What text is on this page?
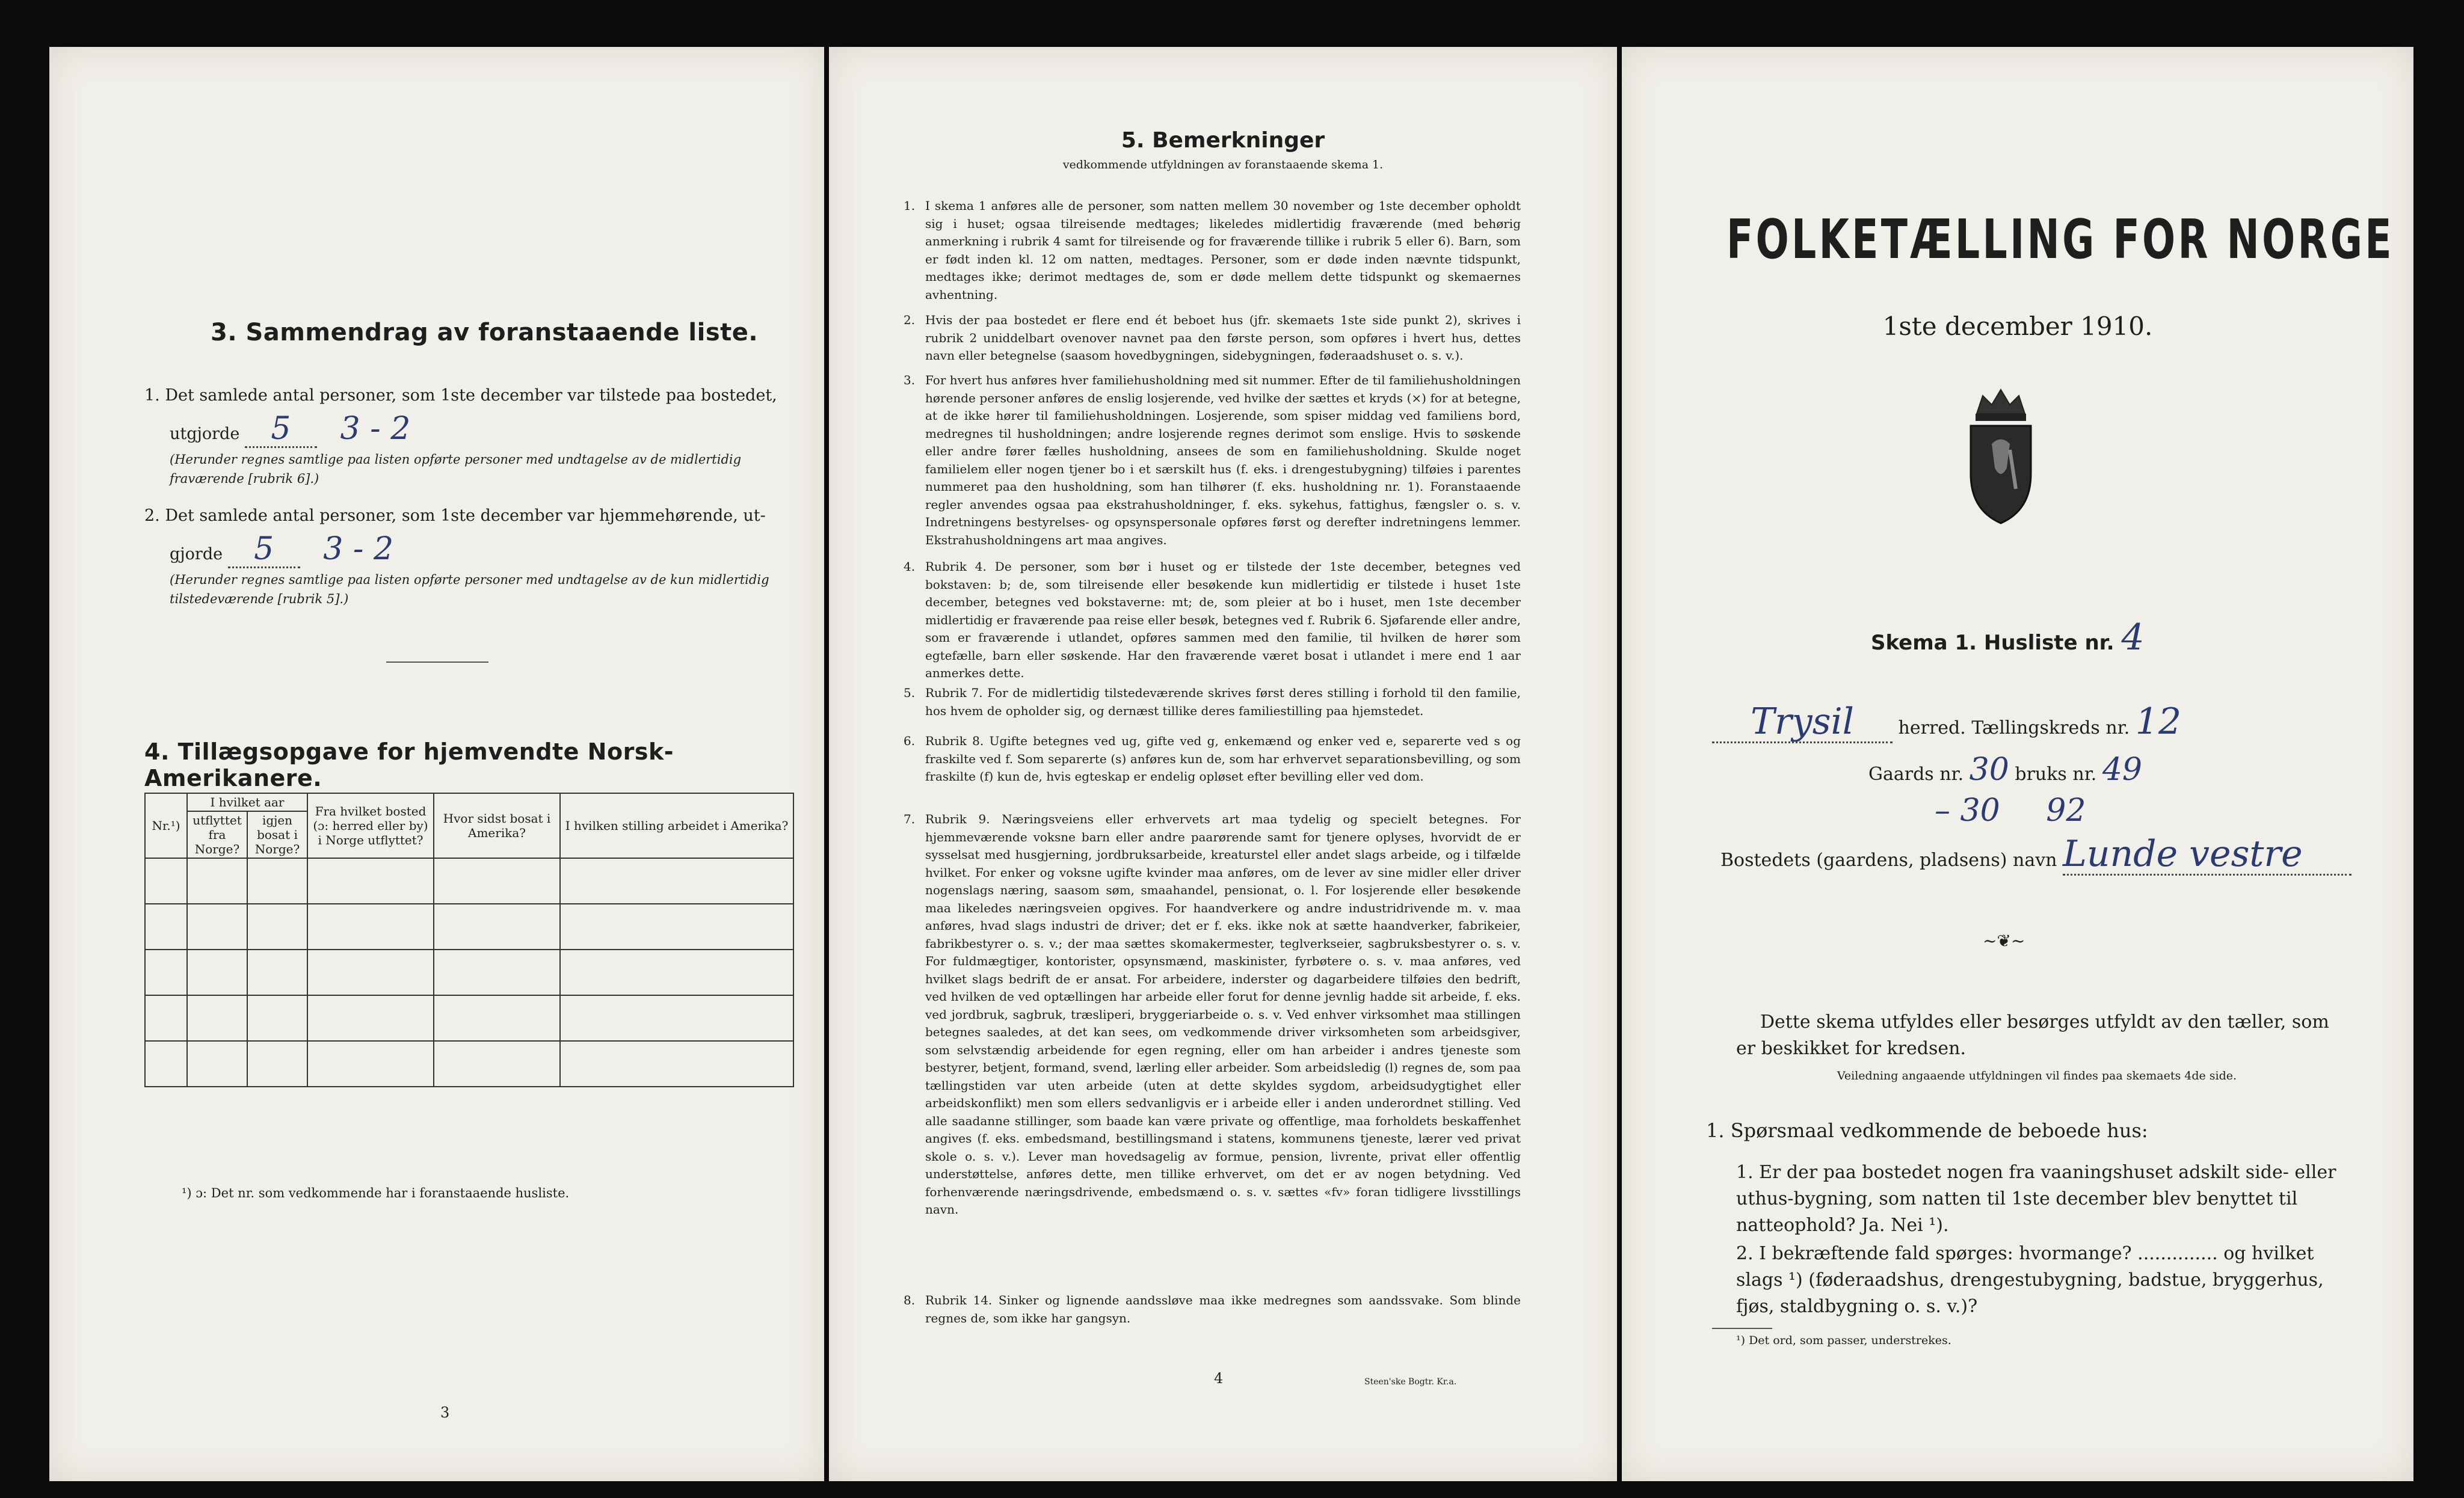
3. Sammendrag av foranstaaende liste.
1. Det samlede antal personer, som 1ste december var tilstede paa bostedet,
utgjorde 5 3 - 2
(Herunder regnes samtlige paa listen opførte personer med undtagelse av de midlertidig fraværende [rubrik 6].)
2. Det samlede antal personer, som 1ste december var hjemmehørende, ut-
gjorde 5 3 - 2
(Herunder regnes samtlige paa listen opførte personer med undtagelse av de kun midlertidig tilstedeværende [rubrik 5].)
4. Tillægsopgave for hjemvendte Norsk-Amerikanere.
Nr.¹)	I hvilket aar		Fra hvilket bosted (ɔ: herred eller by) i Norge utflyttet?	Hvor sidst bosat i Amerika?	I hvilken stilling arbeidet i Amerika?
	utflyttet fra Norge?	igjen bosat i Norge?			

¹) ɔ: Det nr. som vedkommende har i foranstaaende husliste.
3
5. Bemerkninger
vedkommende utfyldningen av foranstaaende skema 1.
1. I skema 1 anføres alle de personer, som natten mellem 30 november og 1ste december opholdt sig i huset; ogsaa tilreisende medtages; likeledes midlertidig fraværende (med behørig anmerkning i rubrik 4 samt for tilreisende og for fraværende tillike i rubrik 5 eller 6). Barn, som er født inden kl. 12 om natten, medtages. Personer, som er døde inden nævnte tidspunkt, medtages ikke; derimot medtages de, som er døde mellem dette tidspunkt og skemaernes avhentning.
2. Hvis der paa bostedet er flere end ét beboet hus (jfr. skemaets 1ste side punkt 2), skrives i rubrik 2 uniddelbart ovenover navnet paa den første person, som opføres i hvert hus, dettes navn eller betegnelse (saasom hovedbygningen, sidebygningen, føderaadshuset o. s. v.).
3. For hvert hus anføres hver familiehusholdning med sit nummer. Efter de til familiehusholdningen hørende personer anføres de enslig losjerende, ved hvilke der sættes et kryds (×) for at betegne, at de ikke hører til familiehusholdningen. Losjerende, som spiser middag ved familiens bord, medregnes til husholdningen; andre losjerende regnes derimot som enslige. Hvis to søskende eller andre fører fælles husholdning, ansees de som en familiehusholdning. Skulde noget familielem eller nogen tjener bo i et særskilt hus (f. eks. i drengestubygning) tilføies i parentes nummeret paa den husholdning, som han tilhører (f. eks. husholdning nr. 1). Foranstaaende regler anvendes ogsaa paa ekstrahusholdninger, f. eks. sykehus, fattighus, fængsler o. s. v. Indretningens bestyrelses- og opsynspersonale opføres først og derefter indretningens lemmer. Ekstrahusholdningens art maa angives.
4. Rubrik 4. De personer, som bør i huset og er tilstede der 1ste december, betegnes ved bokstaven: b; de, som tilreisende eller besøkende kun midlertidig er tilstede i huset 1ste december, betegnes ved bokstaverne: mt; de, som pleier at bo i huset, men 1ste december midlertidig er fraværende paa reise eller besøk, betegnes ved f. Rubrik 6. Sjøfarende eller andre, som er fraværende i utlandet, opføres sammen med den familie, til hvilken de hører som egtefælle, barn eller søskende. Har den fraværende været bosat i utlandet i mere end 1 aar anmerkes dette.
5. Rubrik 7. For de midlertidig tilstedeværende skrives først deres stilling i forhold til den familie, hos hvem de opholder sig, og dernæst tillike deres familiestilling paa hjemstedet.
6. Rubrik 8. Ugifte betegnes ved ug, gifte ved g, enkemænd og enker ved e, separerte ved s og fraskilte ved f. Som separerte (s) anføres kun de, som har erhvervet separationsbevilling, og som fraskilte (f) kun de, hvis egteskap er endelig opløset efter bevilling eller ved dom.
7. Rubrik 9. Næringsveiens eller erhvervets art maa tydelig og specielt betegnes. For hjemmeværende voksne barn eller andre paarørende samt for tjenere oplyses, hvorvidt de er sysselsat med husgjerning, jordbruksarbeide, kreaturstel eller andet slags arbeide, og i tilfælde hvilket. For enker og voksne ugifte kvinder maa anføres, om de lever av sine midler eller driver nogenslags næring, saasom søm, smaahandel, pensionat, o. l. For losjerende eller besøkende maa likeledes næringsveien opgives. For haandverkere og andre industridrivende m. v. maa anføres, hvad slags industri de driver; det er f. eks. ikke nok at sætte haandverker, fabrikeier, fabrikbestyrer o. s. v.; der maa sættes skomakermester, teglverkseier, sagbruksbestyrer o. s. v. For fuldmægtiger, kontorister, opsynsmænd, maskinister, fyrbøtere o. s. v. maa anføres, ved hvilket slags bedrift de er ansat. For arbeidere, inderster og dagarbeidere tilføies den bedrift, ved hvilken de ved optællingen har arbeide eller forut for denne jevnlig hadde sit arbeide, f. eks. ved jordbruk, sagbruk, træsliperi, bryggeriarbeide o. s. v. Ved enhver virksomhet maa stillingen betegnes saaledes, at det kan sees, om vedkommende driver virksomheten som arbeidsgiver, som selvstændig arbeidende for egen regning, eller om han arbeider i andres tjeneste som bestyrer, betjent, formand, svend, lærling eller arbeider. Som arbeidsledig (l) regnes de, som paa tællingstiden var uten arbeide (uten at dette skyldes sygdom, arbeidsudygtighet eller arbeidskonflikt) men som ellers sedvanligvis er i arbeide eller i anden underordnet stilling. Ved alle saadanne stillinger, som baade kan være private og offentlige, maa forholdets beskaffenhet angives (f. eks. embedsmand, bestillingsmand i statens, kommunens tjeneste, lærer ved privat skole o. s. v.). Lever man hovedsagelig av formue, pension, livrente, privat eller offentlig understøttelse, anføres dette, men tillike erhvervet, om det er av nogen betydning. Ved forhenværende næringsdrivende, embedsmænd o. s. v. sættes «fv» foran tidligere livsstillings navn.
8. Rubrik 14. Sinker og lignende aandssløve maa ikke medregnes som aandssvake. Som blinde regnes de, som ikke har gangsyn.
4	Steen'ske Bogtr. Kr.a.
FOLKETÆLLING FOR NORGE
1ste december 1910.
Skema 1. Husliste nr. 4
Trysil herred. Tællingskreds nr. 12
Gaards nr. 30 bruks nr. 49
– 30 92
Bostedets (gaardens, pladsens) navn Lunde vestre
~❦~
Dette skema utfyldes eller besørges utfyldt av den tæller, som er beskikket for kredsen.
Veiledning angaaende utfyldningen vil findes paa skemaets 4de side.
1. Spørsmaal vedkommende de beboede hus:
1. Er der paa bostedet nogen fra vaaningshuset adskilt side- eller uthus-bygning, som natten til 1ste december blev benyttet til natteophold? Ja. Nei ¹).
2. I bekræftende fald spørges: hvormange? .............. og hvilket slags ¹) (føderaadshus, drengestubygning, badstue, bryggerhus, fjøs, staldbygning o. s. v.)?
¹) Det ord, som passer, understrekes.
